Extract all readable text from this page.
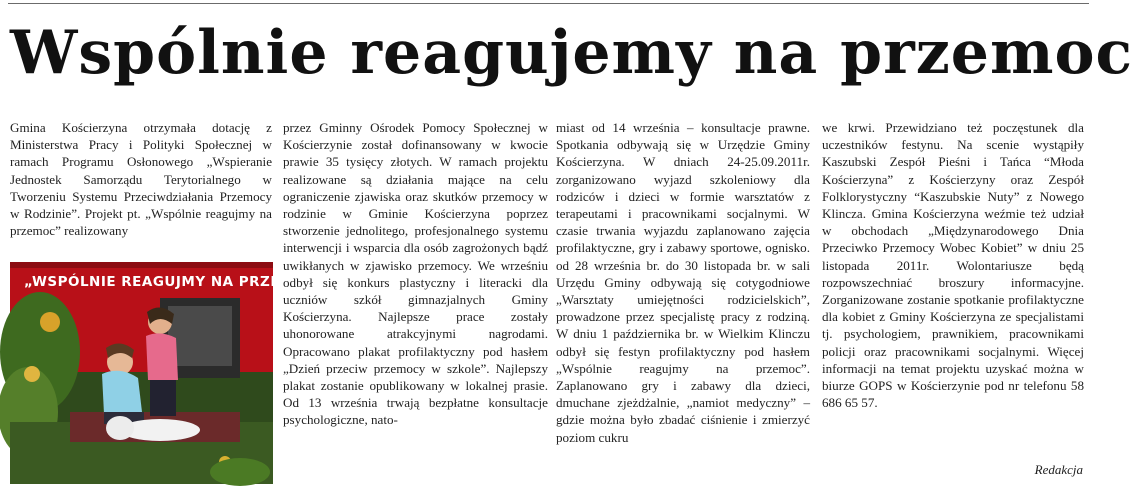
Wspólnie reagujemy na przemoc

Gmina Kościerzyna otrzymała dotację z Ministerstwa Pracy i Polityki Społecznej w ramach Programu Osłonowego „Wspieranie Jednostek Samorządu Terytorialnego w Tworzeniu Systemu Przeciwdziałania Przemocy w Rodzinie”. Projekt pt. „Wspólnie reagujmy na przemoc” realizowany

„WSPÓLNIE REAGUJMY NA PRZEMO

przez Gminny Ośrodek Pomocy Społecznej w Kościerzynie został dofinansowany w kwocie prawie 35 tysięcy złotych. W ramach projektu realizowane są działania mające na celu ograniczenie zjawiska oraz skutków przemocy w rodzinie w Gminie Kościerzyna poprzez stworzenie jednolitego, profesjonalnego systemu interwencji i wsparcia dla osób zagrożonych bądź uwikłanych w zjawisko przemocy. We wrześniu odbył się konkurs plastyczny i literacki dla uczniów szkół gimnazjalnych Gminy Kościerzyna. Najlepsze prace zostały uhonorowane atrakcyjnymi nagrodami. Opracowano plakat profilaktyczny pod hasłem „Dzień przeciw przemocy w szkole”. Najlepszy plakat zostanie opublikowany w lokalnej prasie. Od 13 września trwają bezpłatne konsultacje psychologiczne, nato-

miast od 14 września – konsultacje prawne. Spotkania odbywają się w Urzędzie Gminy Kościerzyna. W dniach 24-25.09.2011r. zorganizowano wyjazd szkoleniowy dla rodziców i dzieci w formie warsztatów z terapeutami i pracownikami socjalnymi. W czasie trwania wyjazdu zaplanowano zajęcia profilaktyczne, gry i zabawy sportowe, ognisko. od 28 września br. do 30 listopada br. w sali Urzędu Gminy odbywają się cotygodniowe „Warsztaty umiejętności rodzicielskich”, prowadzone przez specjalistę pracy z rodziną. W dniu 1 października br. w Wielkim Klinczu odbył się festyn profilaktyczny pod hasłem „Wspólnie reagujmy na przemoc”. Zaplanowano gry i zabawy dla dzieci, dmuchane zjeżdżalnie, „namiot medyczny” – gdzie można było zbadać ciśnienie i zmierzyć poziom cukru

we krwi. Przewidziano też poczęstunek dla uczestników festynu. Na scenie wystąpiły Kaszubski Zespół Pieśni i Tańca “Młoda Kościerzyna” z Kościerzyny oraz Zespół Folklorystyczny “Kaszubskie Nuty” z Nowego Klincza. Gmina Kościerzyna weźmie też udział w obchodach „Międzynarodowego Dnia Przeciwko Przemocy Wobec Kobiet” w dniu 25 listopada 2011r. Wolontariusze będą rozpowszechniać broszury informacyjne. Zorganizowane zostanie spotkanie profilaktyczne dla kobiet z Gminy Kościerzyna ze specjalistami tj. psychologiem, prawnikiem, pracownikami policji oraz pracownikami socjalnymi. Więcej informacji na temat projektu uzyskać można w biurze GOPS w Kościerzynie pod nr telefonu 58 686 65 57.

Redakcja
